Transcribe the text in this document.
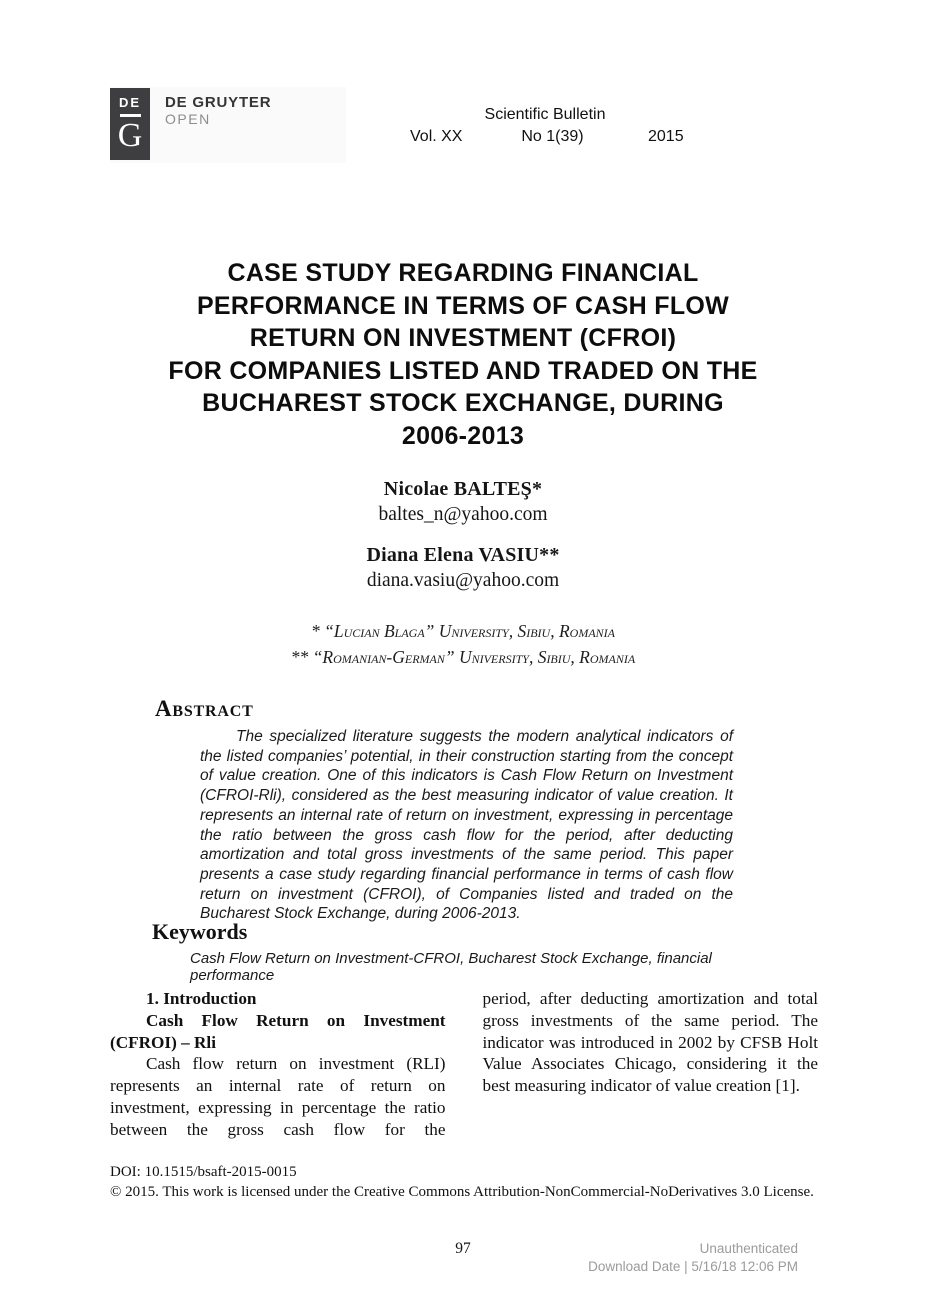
DE
G
DE GRUYTER
OPEN	Scientific Bulletin
Vol. XX	No 1(39)	2015
CASE STUDY REGARDING FINANCIAL
PERFORMANCE IN TERMS OF CASH FLOW
RETURN ON INVESTMENT (CFROI)
FOR COMPANIES LISTED AND TRADED ON THE
BUCHAREST STOCK EXCHANGE, DURING
2006-2013
Nicolae BALTEŞ*
baltes_n@yahoo.com
Diana Elena VASIU**
diana.vasiu@yahoo.com
* “Lucian Blaga” University, Sibiu, Romania
** “Romanian-German” University, Sibiu, Romania
Abstract
The specialized literature suggests the modern analytical indicators of the listed companies’ potential, in their construction starting from the concept of value creation. One of this indicators is Cash Flow Return on Investment (CFROI-Rli), considered as the best measuring indicator of value creation. It represents an internal rate of return on investment, expressing in percentage the ratio between the gross cash flow for the period, after deducting amortization and total gross investments of the same period. This paper presents a case study regarding financial performance in terms of cash flow return on investment (CFROI), of Companies listed and traded on the Bucharest Stock Exchange, during 2006-2013.
Keywords
Cash Flow Return on Investment-CFROI, Bucharest Stock Exchange, financial performance

1. Introduction

Cash Flow Return on Investment (CFROI) – Rli

Cash flow return on investment (RLI) represents an internal rate of return on investment, expressing in percentage the ratio between the gross cash flow for the

period, after deducting amortization and total gross investments of the same period. The indicator was introduced in 2002 by CFSB Holt Value Associates Chicago, considering it the best measuring indicator of value creation [1].

DOI: 10.1515/bsaft-2015-0015
© 2015. This work is licensed under the Creative Commons Attribution-NonCommercial-NoDerivatives 3.0 License.
97	Unauthenticated
Download Date | 5/16/18 12:06 PM
